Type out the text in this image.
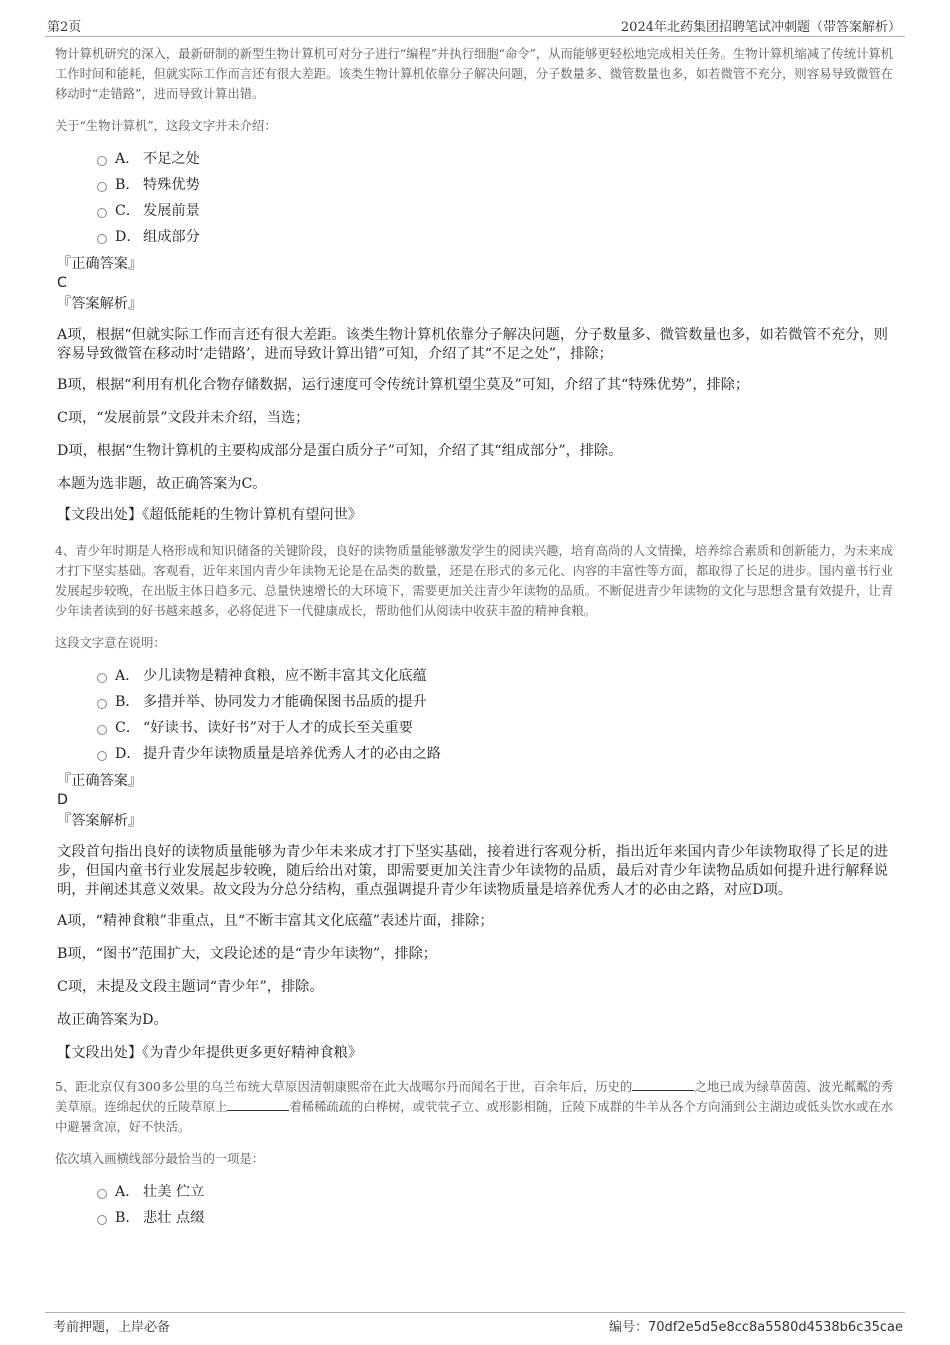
第2页	2024年北药集团招聘笔试冲刺题（带答案解析）

物计算机研究的深入，最新研制的新型生物计算机可对分子进行“编程”并执行细胞“命令”，从而能够更轻松地完成相关任务。生物计算机缩减了传统计算机工作时间和能耗，但就实际工作而言还有很大差距。该类生物计算机依靠分子解决问题，分子数量多、微管数量也多，如若微管不充分，则容易导致微管在移动时“走错路”，进而导致计算出错。

关于“生物计算机”，这段文字并未介绍：

A． 不足之处
B． 特殊优势
C． 发展前景
D． 组成部分

『正确答案』

C

『答案解析』

A项，根据“但就实际工作而言还有很大差距。该类生物计算机依靠分子解决问题，分子数量多、微管数量也多，如若微管不充分，则容易导致微管在移动时‘走错路’，进而导致计算出错”可知，介绍了其“不足之处”，排除；

B项，根据“利用有机化合物存储数据，运行速度可令传统计算机望尘莫及”可知，介绍了其“特殊优势”，排除；

C项，“发展前景”文段并未介绍，当选；

D项，根据“生物计算机的主要构成部分是蛋白质分子”可知，介绍了其“组成部分”，排除。

本题为选非题，故正确答案为C。

【文段出处】《超低能耗的生物计算机有望问世》

4、青少年时期是人格形成和知识储备的关键阶段，良好的读物质量能够激发学生的阅读兴趣，培育高尚的人文情操，培养综合素质和创新能力，为未来成才打下坚实基础。客观看，近年来国内青少年读物无论是在品类的数量，还是在形式的多元化、内容的丰富性等方面，都取得了长足的进步。国内童书行业发展起步较晚，在出版主体日趋多元、总量快速增长的大环境下，需要更加关注青少年读物的品质。不断促进青少年读物的文化与思想含量有效提升，让青少年读者读到的好书越来越多，必将促进下一代健康成长，帮助他们从阅读中收获丰盈的精神食粮。

这段文字意在说明：

A． 少儿读物是精神食粮，应不断丰富其文化底蕴
B． 多措并举、协同发力才能确保图书品质的提升
C． “好读书、读好书”对于人才的成长至关重要
D． 提升青少年读物质量是培养优秀人才的必由之路

『正确答案』

D

『答案解析』

文段首句指出良好的读物质量能够为青少年未来成才打下坚实基础，接着进行客观分析，指出近年来国内青少年读物取得了长足的进步，但国内童书行业发展起步较晚，随后给出对策，即需要更加关注青少年读物的品质，最后对青少年读物品质如何提升进行解释说明，并阐述其意义效果。故文段为分总分结构，重点强调提升青少年读物质量是培养优秀人才的必由之路，对应D项。

A项，“精神食粮”非重点，且“不断丰富其文化底蕴”表述片面，排除；

B项，“图书”范围扩大，文段论述的是“青少年读物”，排除；

C项，未提及文段主题词“青少年”，排除。

故正确答案为D。

【文段出处】《为青少年提供更多更好精神食粮》

5、距北京仅有300多公里的乌兰布统大草原因清朝康熙帝在此大战噶尔丹而闻名于世，百余年后，历史的	之地已成为绿草茵茵、波光粼粼的秀美草原。连绵起伏的丘陵草原上	着稀稀疏疏的白桦树，或茕茕孑立、或形影相随，丘陵下成群的牛羊从各个方向涌到公主湖边或低头饮水或在水中避暑贪凉，好不快活。

依次填入画横线部分最恰当的一项是：

A． 壮美 伫立
B． 悲壮 点缀
考前押题，上岸必备	编号：70df2e5d5e8cc8a5580d4538b6c35cae
